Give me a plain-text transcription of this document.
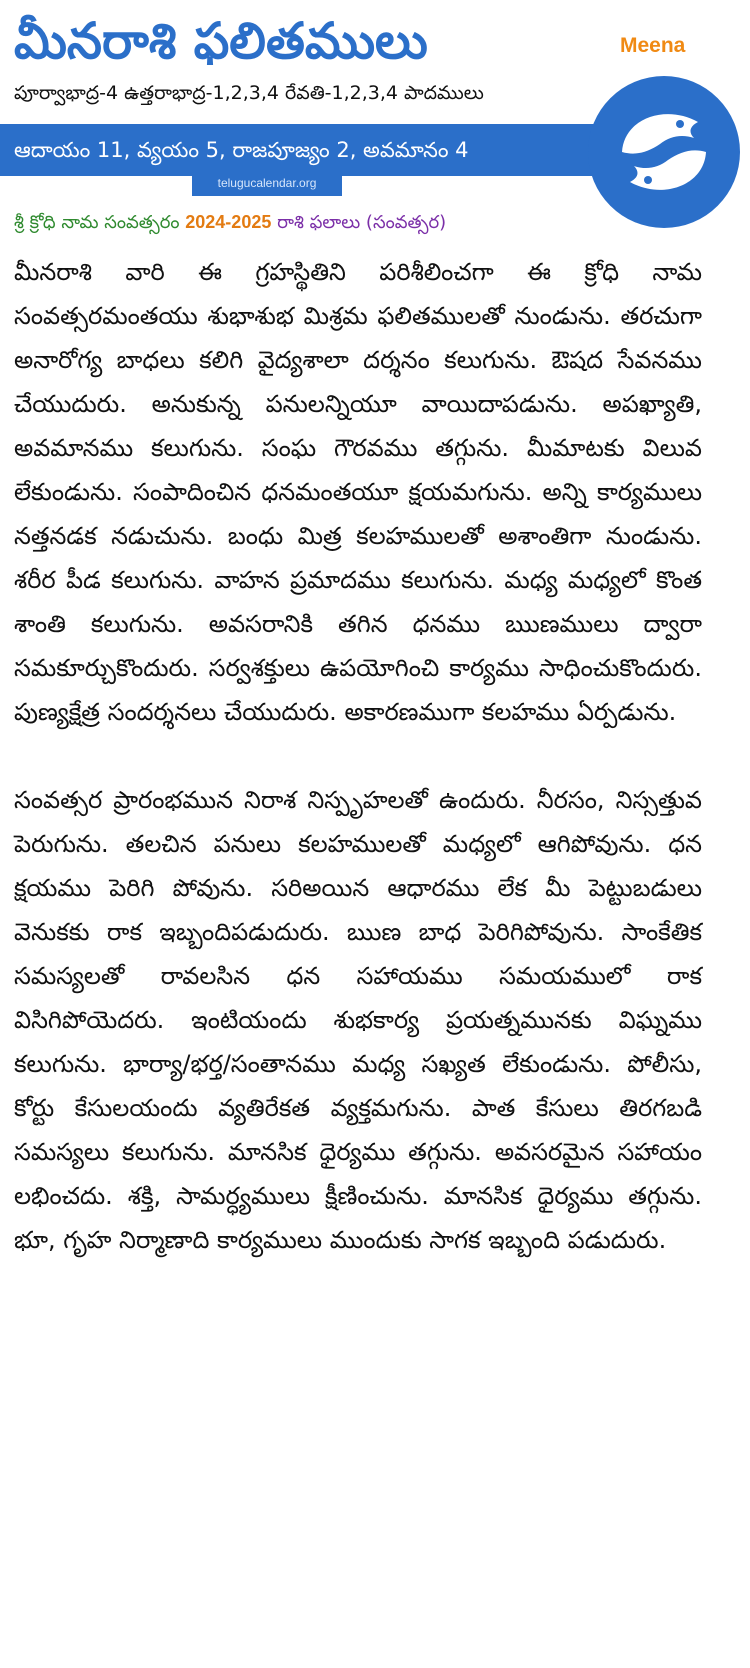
మీనరాశి ఫలితములు	Meena
పూర్వాభాద్ర-4 ఉత్తరాభాద్ర-1,2,3,4 రేవతి-1,2,3,4 పాదములు
ఆదాయం 11, వ్యయం 5, రాజపూజ్యం 2, అవమానం 4
telugucalendar.org
శ్రీ క్రోధి నామ సంవత్సరం 2024-2025 రాశి ఫలాలు (సంవత్సర)

మీనరాశి వారి ఈ గ్రహస్థితిని పరిశీలించగా ఈ క్రోధి నామ సంవత్సరమంతయు శుభాశుభ మిశ్రమ ఫలితములతో నుండును. తరచుగా అనారోగ్య బాధలు కలిగి వైద్యశాలా దర్శనం కలుగును. ఔషద సేవనము చేయుదురు. అనుకున్న పనులన్నియూ వాయిదాపడును. అపఖ్యాతి, అవమానము కలుగును. సంఘ గౌరవము తగ్గును. మీమాటకు విలువ లేకుండును. సంపాదించిన ధనమంతయూ క్షయమగును. అన్ని కార్యములు నత్తనడక నడుచును. బంధు మిత్ర కలహములతో అశాంతిగా నుండును. శరీర పీడ కలుగును. వాహన ప్రమాదము కలుగును. మధ్య మధ్యలో కొంత శాంతి కలుగును. అవసరానికి తగిన ధనము ఋణములు ద్వారా సమకూర్చుకొందురు. సర్వశక్తులు ఉపయోగించి కార్యము సాధించుకొందురు. పుణ్యక్షేత్ర సందర్శనలు చేయుదురు. అకారణముగా కలహము ఏర్పడును.

సంవత్సర ప్రారంభమున నిరాశ నిస్పృహలతో ఉందురు. నీరసం, నిస్సత్తువ పెరుగును. తలచిన పనులు కలహములతో మధ్యలో ఆగిపోవును. ధన క్షయము పెరిగి పోవును. సరిఅయిన ఆధారము లేక మీ పెట్టుబడులు వెనుకకు రాక ఇబ్బందిపడుదురు. ఋణ బాధ పెరిగిపోవును. సాంకేతిక సమస్యలతో రావలసిన ధన సహాయము సమయములో రాక విసిగిపోయెదరు. ఇంటియందు శుభకార్య ప్రయత్నమునకు విఘ్నము కలుగును. భార్యా/భర్త/సంతానము మధ్య సఖ్యత లేకుండును. పోలీసు, కోర్టు కేసులయందు వ్యతిరేకత వ్యక్తమగును. పాత కేసులు తిరగబడి సమస్యలు కలుగును. మానసిక ధైర్యము తగ్గును. అవసరమైన సహాయం లభించదు. శక్తి, సామర్ధ్యములు క్షీణించును. మానసిక ధైర్యము తగ్గును. భూ, గృహ నిర్మాణాది కార్యములు ముందుకు సాగక ఇబ్బంది పడుదురు.
